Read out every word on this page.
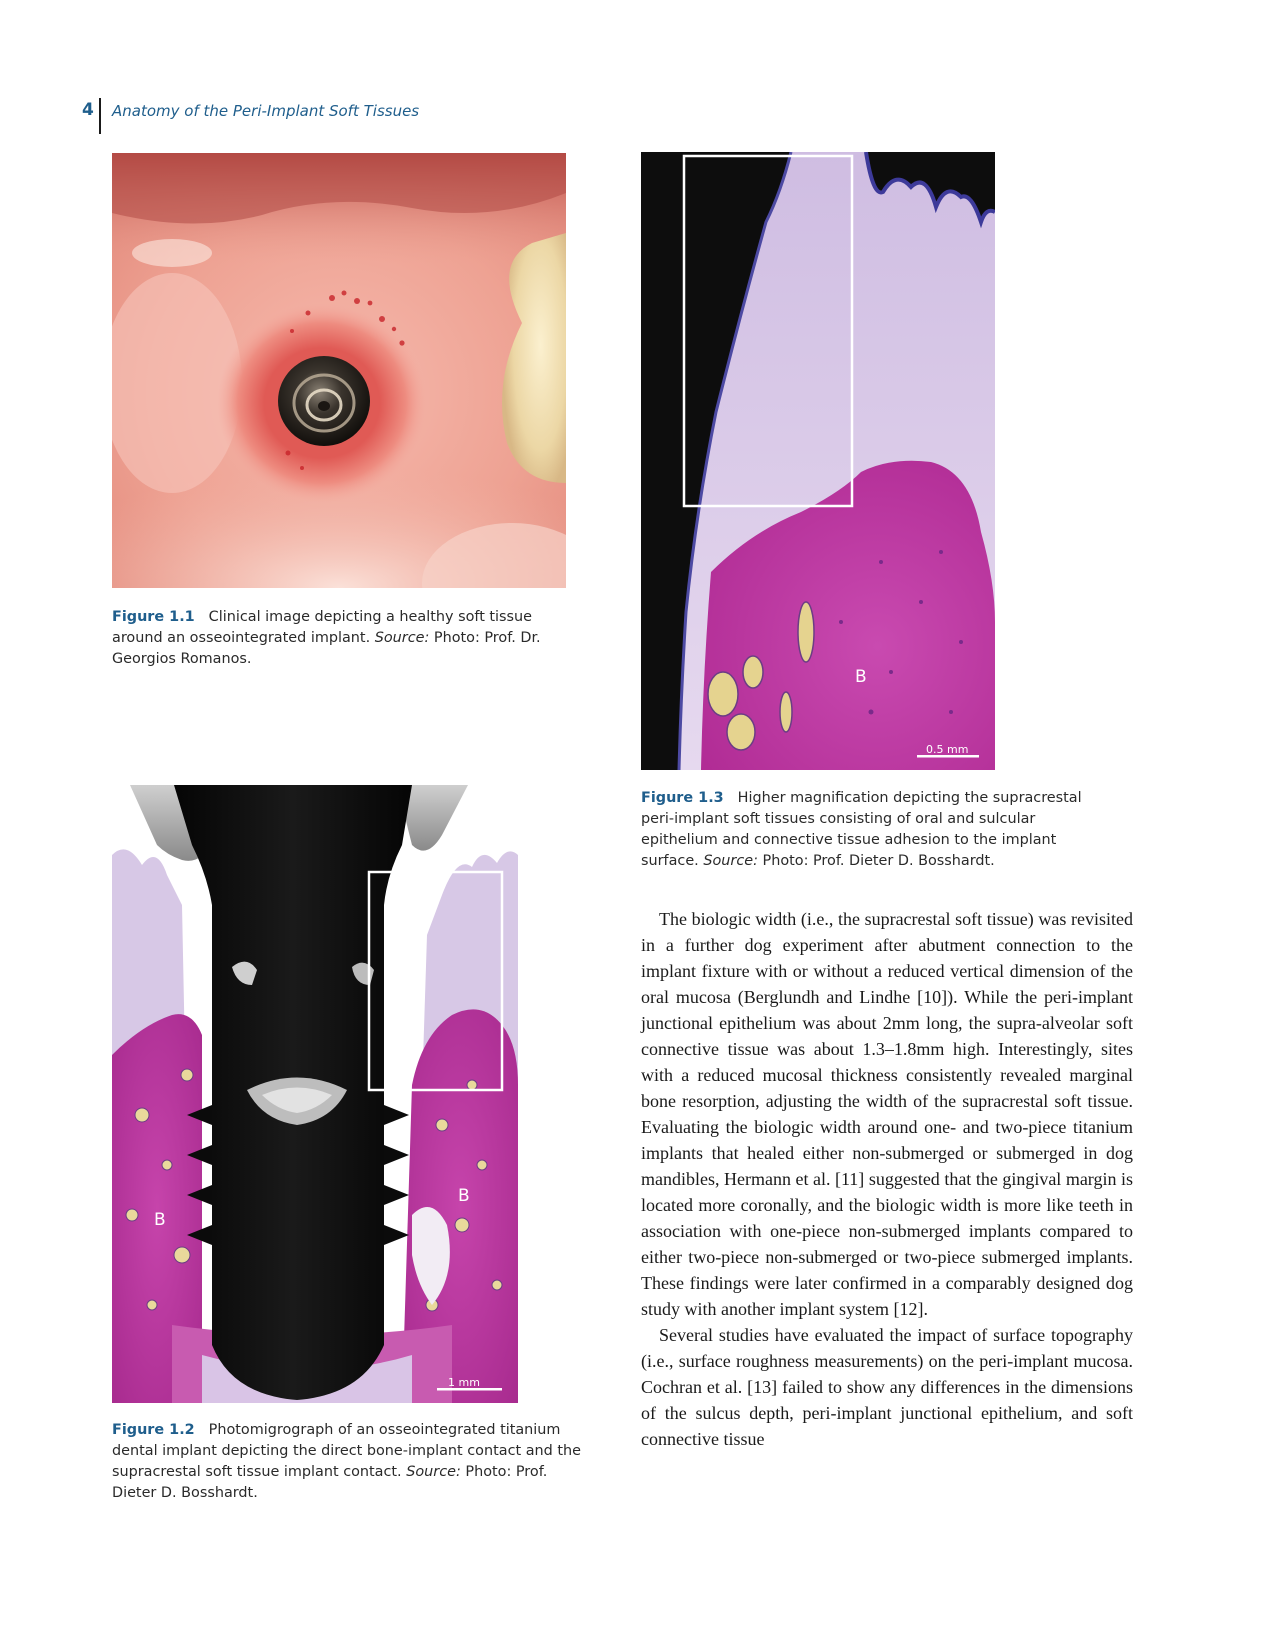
4 Anatomy of the Peri-Implant Soft Tissues
Figure 1.1 Clinical image depicting a healthy soft tissue around an osseointegrated implant. Source: Photo: Prof. Dr. Georgios Romanos.
B
0.5 mm
Figure 1.3 Higher magnification depicting the supracrestal peri-implant soft tissues consisting of oral and sulcular epithelium and connective tissue adhesion to the implant surface. Source: Photo: Prof. Dieter D. Bosshardt.
B
B
1 mm
Figure 1.2 Photomigrograph of an osseointegrated titanium dental implant depicting the direct bone-implant contact and the supracrestal soft tissue implant contact. Source: Photo: Prof. Dieter D. Bosshardt.

The biologic width (i.e., the supracrestal soft tissue) was revisited in a further dog experiment after abutment connection to the implant fixture with or without a reduced vertical dimension of the oral mucosa (Berglundh and Lindhe [10]). While the peri-implant junctional epithelium was about 2mm long, the supra-alveolar soft connective tissue was about 1.3–1.8mm high. Interestingly, sites with a reduced mucosal thickness consistently revealed marginal bone resorption, adjusting the width of the supracrestal soft tissue. Evaluating the biologic width around one- and two-piece titanium implants that healed either non-submerged or submerged in dog mandibles, Hermann et al. [11] suggested that the gingival margin is located more coronally, and the biologic width is more like teeth in association with one-piece non-submerged implants compared to either two-piece non-submerged or two-piece submerged implants. These findings were later confirmed in a comparably designed dog study with another implant system [12].

Several studies have evaluated the impact of surface topography (i.e., surface roughness measurements) on the peri-implant mucosa. Cochran et al. [13] failed to show any differences in the dimensions of the sulcus depth, peri-implant junctional epithelium, and soft connective tissue
